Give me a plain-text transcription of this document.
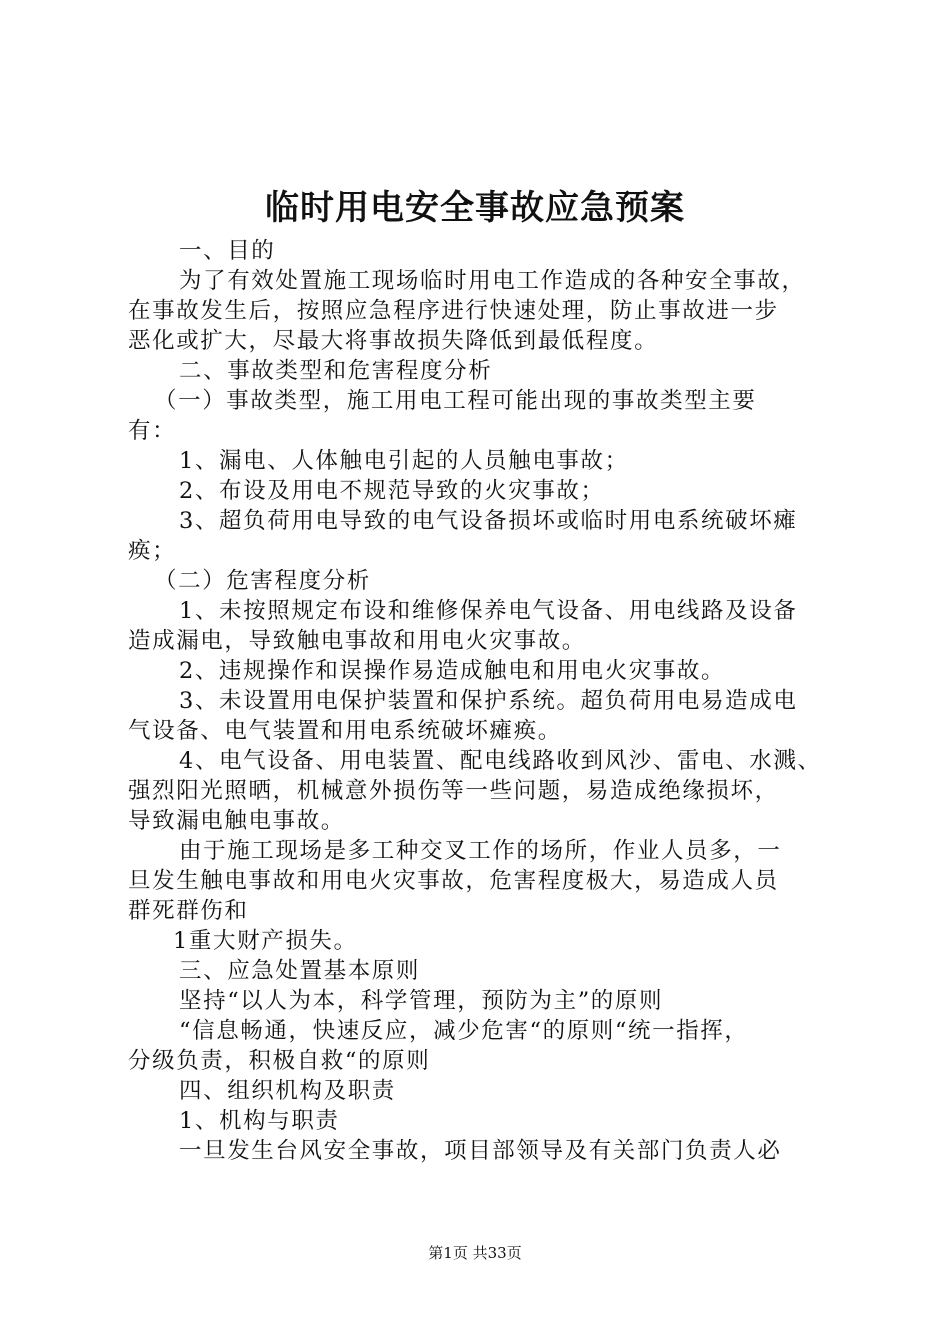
临时用电安全事故应急预案
一、目的
为了有效处置施工现场临时用电工作造成的各种安全事故，
在事故发生后，按照应急程序进行快速处理，防止事故进一步
恶化或扩大，尽最大将事故损失降低到最低程度。
二、事故类型和危害程度分析
（一）事故类型，施工用电工程可能出现的事故类型主要
有：
1、漏电、人体触电引起的人员触电事故；
2、布设及用电不规范导致的火灾事故；
3、超负荷用电导致的电气设备损坏或临时用电系统破坏瘫
痪；
（二）危害程度分析
1、未按照规定布设和维修保养电气设备、用电线路及设备
造成漏电，导致触电事故和用电火灾事故。
2、违规操作和误操作易造成触电和用电火灾事故。
3、未设置用电保护装置和保护系统。超负荷用电易造成电
气设备、电气装置和用电系统破坏瘫痪。
4、电气设备、用电装置、配电线路收到风沙、雷电、水溅、
强烈阳光照晒，机械意外损伤等一些问题，易造成绝缘损坏，
导致漏电触电事故。
由于施工现场是多工种交叉工作的场所，作业人员多，一
旦发生触电事故和用电火灾事故，危害程度极大，易造成人员
群死群伤和
1重大财产损失。
三、应急处置基本原则
坚持“以人为本，科学管理，预防为主”的原则
“信息畅通，快速反应，减少危害“的原则“统一指挥，
分级负责，积极自救“的原则
四、组织机构及职责
1、机构与职责
一旦发生台风安全事故，项目部领导及有关部门负责人必
第1页 共33页
